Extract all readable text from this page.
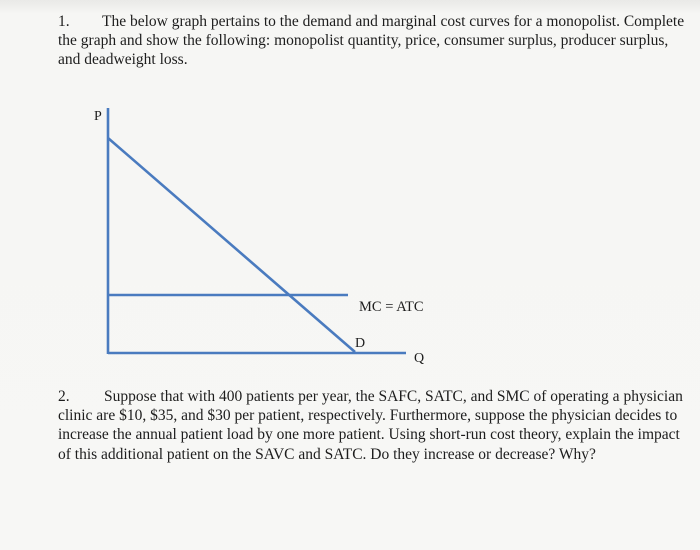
1. The below graph pertains to the demand and marginal cost curves for a monopolist. Complete the graph and show the following: monopolist quantity, price, consumer surplus, producer surplus, and deadweight loss.
P
Q
MC = ATC
D
2. Suppose that with 400 patients per year, the SAFC, SATC, and SMC of operating a physician clinic are $10, $35, and $30 per patient, respectively. Furthermore, suppose the physician decides to increase the annual patient load by one more patient. Using short-run cost theory, explain the impact of this additional patient on the SAVC and SATC. Do they increase or decrease? Why?
